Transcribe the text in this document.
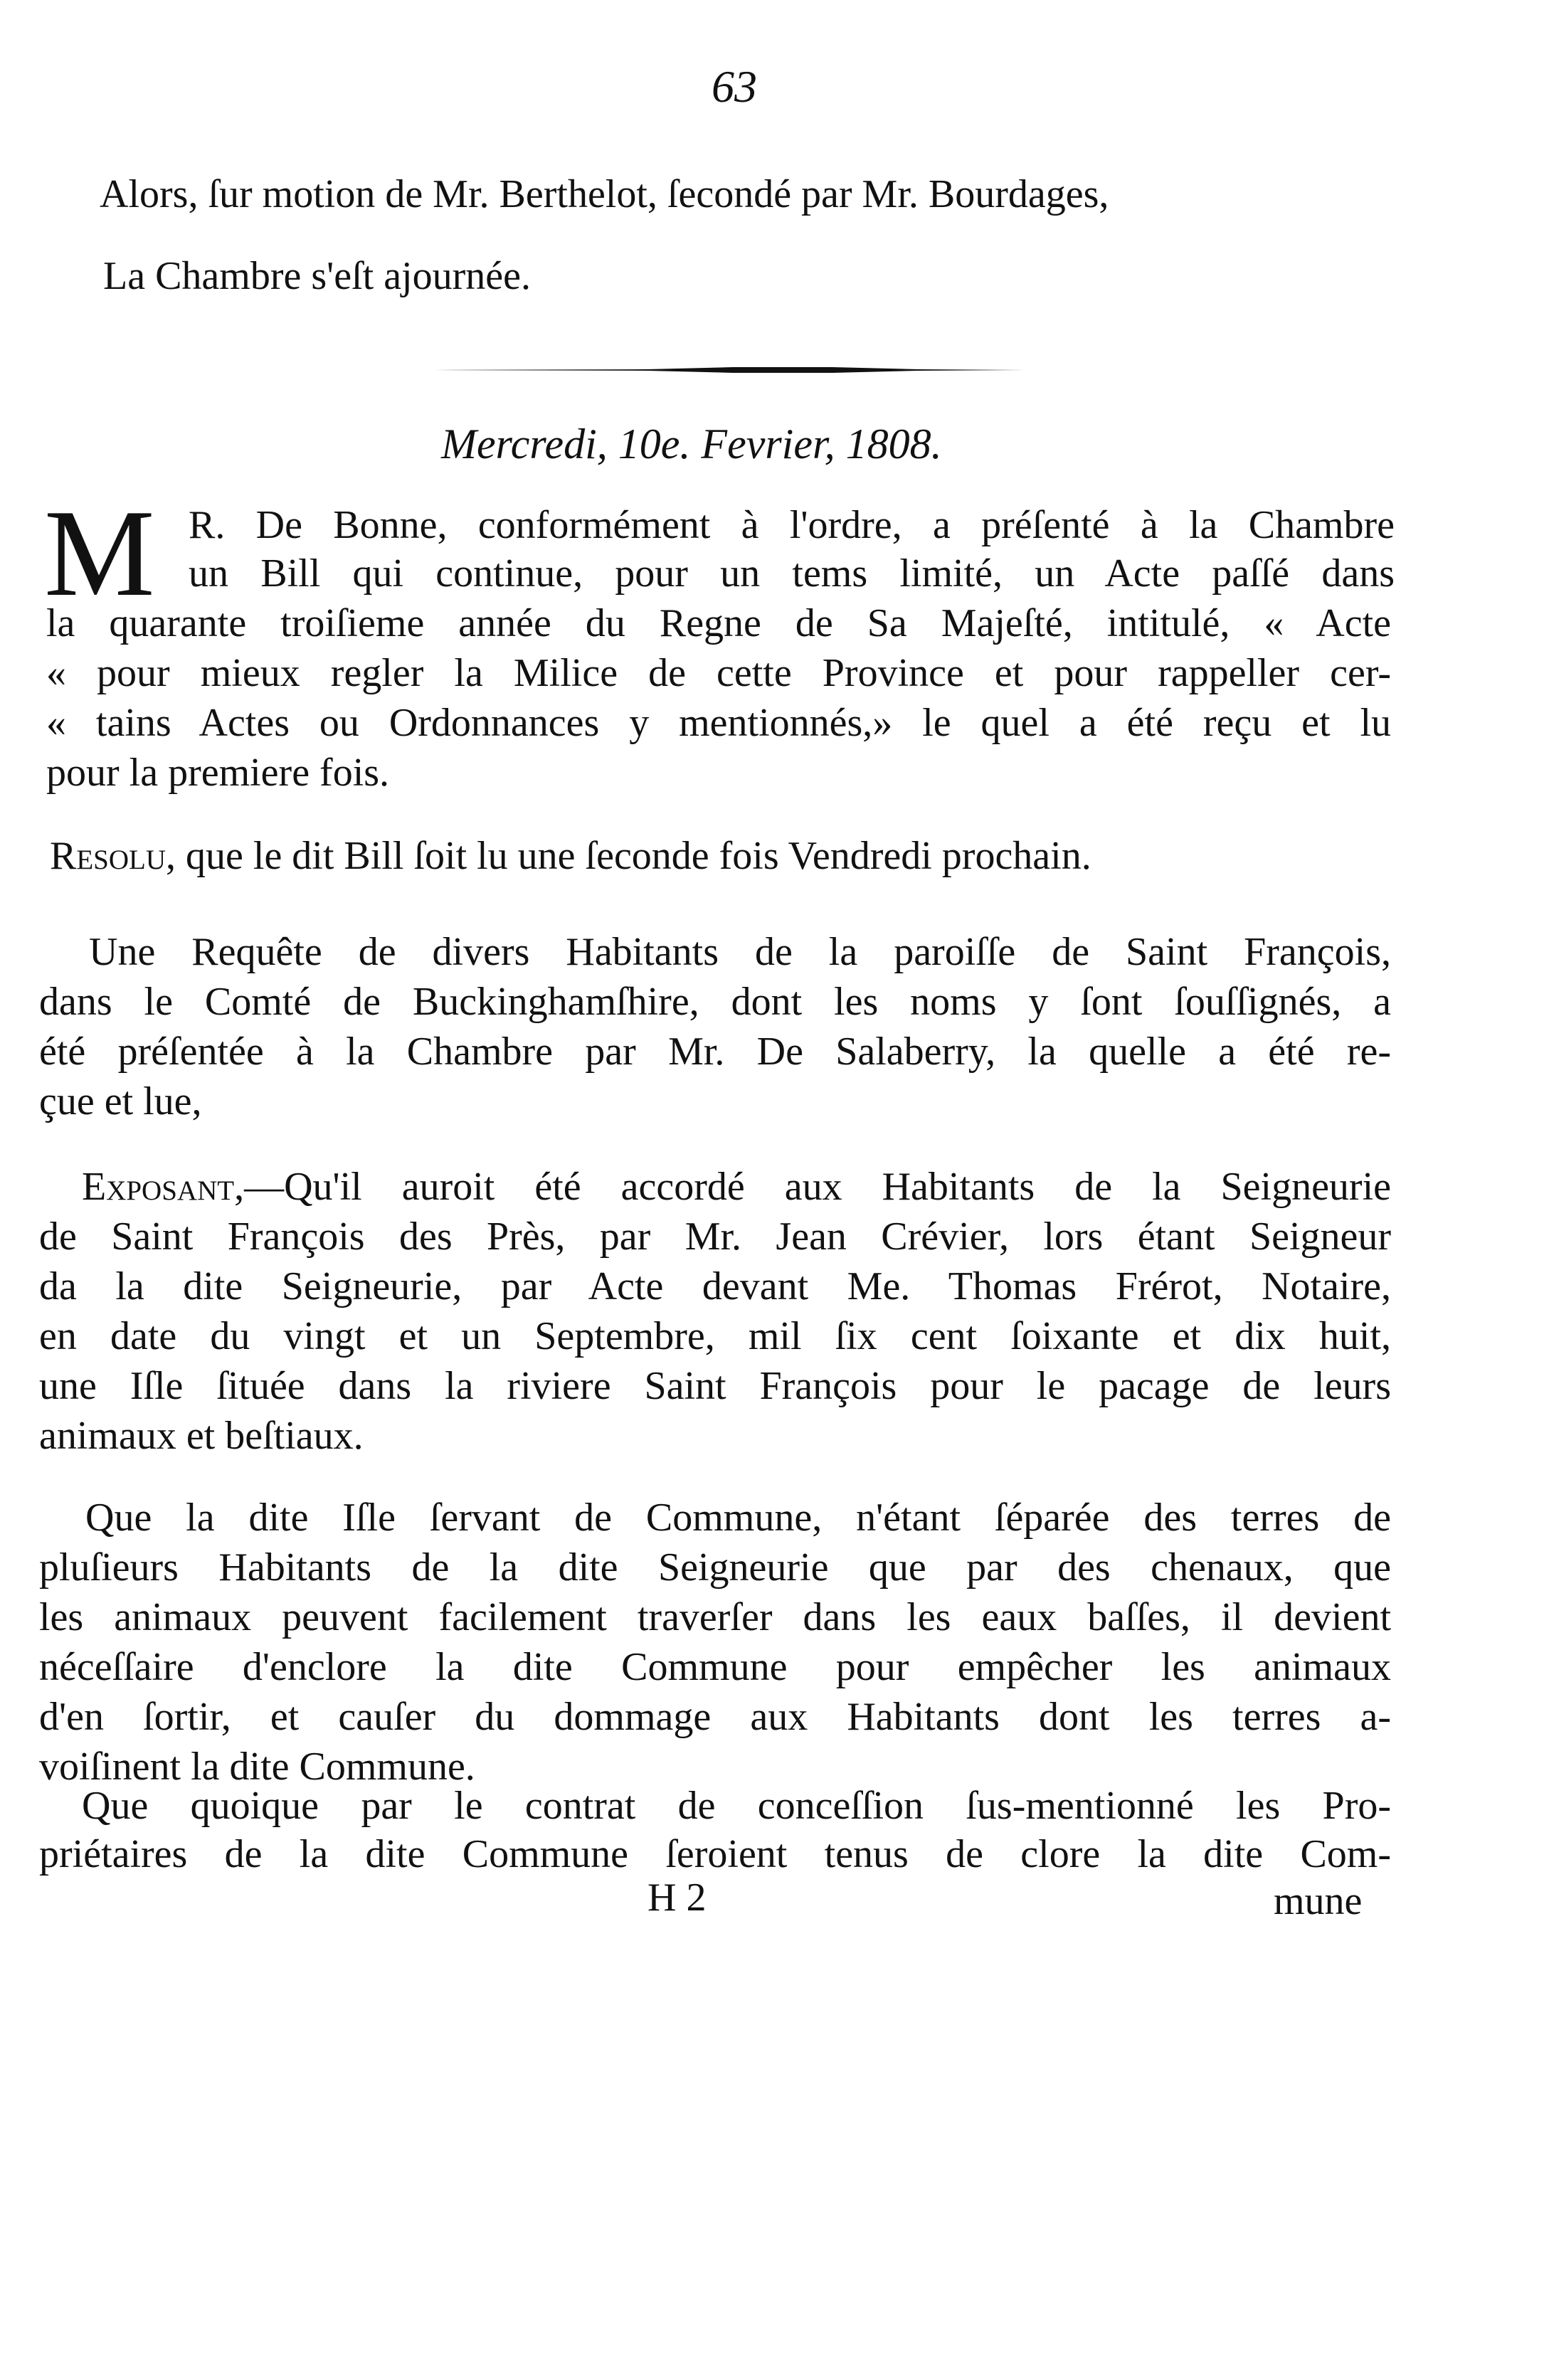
63
Alors, ſur motion de Mr. Berthelot, ſecondé par Mr. Bourdages,
La Chambre s'eſt ajournée.
Mercredi, 10e. Fevrier, 1808.
M R. De Bonne, conformément à l'ordre, a préſenté à la Chambre
un Bill qui continue, pour un tems limité, un Acte paſſé dans
la quarante troiſieme année du Regne de Sa Majeſté, intitulé, « Acte
« pour mieux regler la Milice de cette Province et pour rappeller cer-
« tains Actes ou Ordonnances y mentionnés,» le quel a été reçu et lu
pour la premiere fois.
Resolu, que le dit Bill ſoit lu une ſeconde fois Vendredi prochain.
Une Requête de divers Habitants de la paroiſſe de Saint François,
dans le Comté de Buckinghamſhire, dont les noms y ſont ſouſſignés, a
été préſentée à la Chambre par Mr. De Salaberry, la quelle a été re-
çue et lue,
Exposant,—Qu'il auroit été accordé aux Habitants de la Seigneurie
de Saint François des Près, par Mr. Jean Crévier, lors étant Seigneur
da la dite Seigneurie, par Acte devant Me. Thomas Frérot, Notaire,
en date du vingt et un Septembre, mil ſix cent ſoixante et dix huit,
une Iſle ſituée dans la riviere Saint François pour le pacage de leurs
animaux et beſtiaux.
Que la dite Iſle ſervant de Commune, n'étant ſéparée des terres de
pluſieurs Habitants de la dite Seigneurie que par des chenaux, que
les animaux peuvent facilement traverſer dans les eaux baſſes, il devient
néceſſaire d'enclore la dite Commune pour empêcher les animaux
d'en ſortir, et cauſer du dommage aux Habitants dont les terres a-
voiſinent la dite Commune.
Que quoique par le contrat de conceſſion ſus-mentionné les Pro-
priétaires de la dite Commune ſeroient tenus de clore la dite Com-
H 2	mune
